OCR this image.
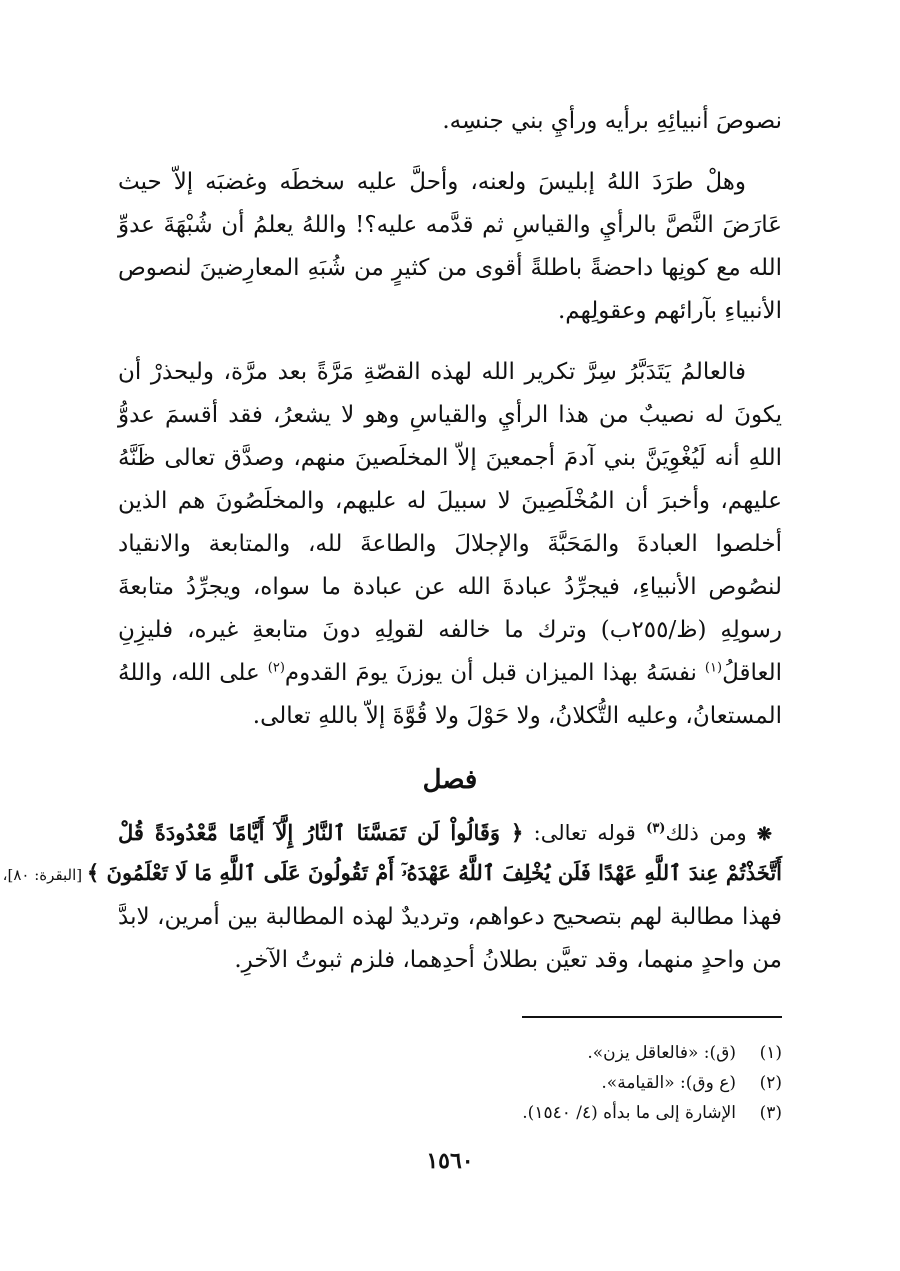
نصوصَ أنبيائِهِ برأيه ورأيِ بني جنسِه.

وهلْ طرَدَ اللهُ إبليسَ ولعنه، وأحلَّ عليه سخطَه وغضبَه إلاّ حيث عَارَضَ النَّصَّ بالرأيِ والقياسِ ثم قدَّمه عليه؟! واللهُ يعلمُ أن شُبْهَةَ عدوِّ الله مع كونِها داحضةً باطلةً أقوى من كثيرٍ من شُبَهِ المعارِضينَ لنصوص الأنبياءِ بآرائهم وعقولِهم.

فالعالمُ يَتَدَبَّرُ سِرَّ تكرير الله لهذه القصّةِ مَرَّةً بعد مرَّة، وليحذرْ أن يكونَ له نصيبٌ من هذا الرأيِ والقياسِ وهو لا يشعرُ، فقد أقسمَ عدوُّ اللهِ أنه لَيُغْوِيَنَّ بني آدمَ أجمعينَ إلاّ المخلَصينَ منهم، وصدَّق تعالى ظَنَّهُ عليهم، وأخبرَ أن المُخْلَصِينَ لا سبيلَ له عليهم، والمخلَصُونَ هم الذين أخلصوا العبادةَ والمَحَبَّةَ والإجلالَ والطاعةَ لله، والمتابعة والانقياد لنصُوص الأنبياءِ، فيجرِّدُ عبادةَ الله عن عبادة ما سواه، ويجرِّدُ متابعةَ رسولِهِ (ظ/٢٥٥ب) وترك ما خالفه لقولِهِ دونَ متابعةِ غيره، فليزِنِ العاقلُ$^{(١)}$ نفسَهُ بهذا الميزان قبل أن يوزنَ يومَ القدوم$^{(٢)}$ على الله، واللهُ المستعانُ، وعليه التُّكلانُ، ولا حَوْلَ ولا قُوَّةَ إلاّ باللهِ تعالى.

فصل
❋ ومن ذلك$^{(٣)}$ قوله تعالى: ﴿ وَقَالُواْ لَن تَمَسَّنَا ٱلنَّارُ إِلَّآ أَيَّامًا مَّعْدُودَةً قُلْ
أَتَّخَذْتُمْ عِندَ ٱللَّهِ عَهْدًا فَلَن يُخْلِفَ ٱللَّهُ عَهْدَهُۥٓ أَمْ تَقُولُونَ عَلَى ٱللَّهِ مَا لَا تَعْلَمُونَ ﴾ [البقرة: ٨٠]،

فهذا مطالبة لهم بتصحيح دعواهم، وترديدٌ لهذه المطالبة بين أمرين، لابدَّ من واحدٍ منهما، وقد تعيَّن بطلانُ أحدِهما، فلزم ثبوتُ الآخرِ.

(١)(ق): «فالعاقل يزن».

(٢)(ع وق): «القيامة».

(٣)الإشارة إلى ما بدأه (٤/ ١٥٤٠).

١٥٦٠
